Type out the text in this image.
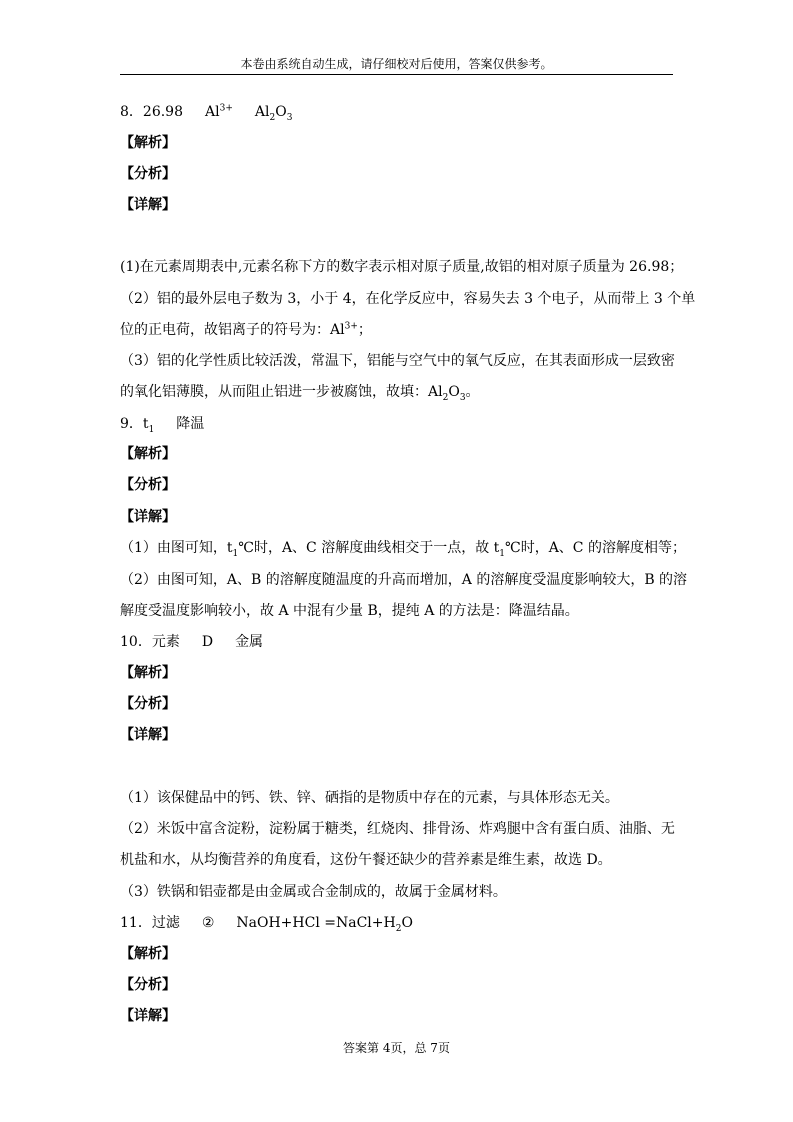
本卷由系统自动生成，请仔细校对后使用，答案仅供参考。
8．26.98 $Al^{3+}$ $Al_2O_3$
【解析】
【分析】
【详解】
(1)在元素周期表中,元素名称下方的数字表示相对原子质量,故铝的相对原子质量为 26.98；
（2）铝的最外层电子数为 3，小于 4，在化学反应中，容易失去 3 个电子，从而带上 3 个单
位的正电荷，故铝离子的符号为：$Al^{3+}$；
（3）铝的化学性质比较活泼，常温下，铝能与空气中的氧气反应，在其表面形成一层致密
的氧化铝薄膜，从而阻止铝进一步被腐蚀，故填：$Al_2O_3$。
9．$t_1$ 降温
【解析】
【分析】
【详解】
（1）由图可知，$t_1℃$时，A、C 溶解度曲线相交于一点，故 $t_1℃$时，A、C 的溶解度相等；
（2）由图可知，A、B 的溶解度随温度的升高而增加，A 的溶解度受温度影响较大，B 的溶
解度受温度影响较小，故 A 中混有少量 B，提纯 A 的方法是：降温结晶。
10．元素 D 金属
【解析】
【分析】
【详解】
（1）该保健品中的钙、铁、锌、硒指的是物质中存在的元素，与具体形态无关。
（2）米饭中富含淀粉，淀粉属于糖类，红烧肉、排骨汤、炸鸡腿中含有蛋白质、油脂、无
机盐和水，从均衡营养的角度看，这份午餐还缺少的营养素是维生素，故选 D。
（3）铁锅和铝壶都是由金属或合金制成的，故属于金属材料。
11．过滤 ② NaOH+HCl $=NaCl+H_2O$
【解析】
【分析】
【详解】
答案第 4页，总 7页
